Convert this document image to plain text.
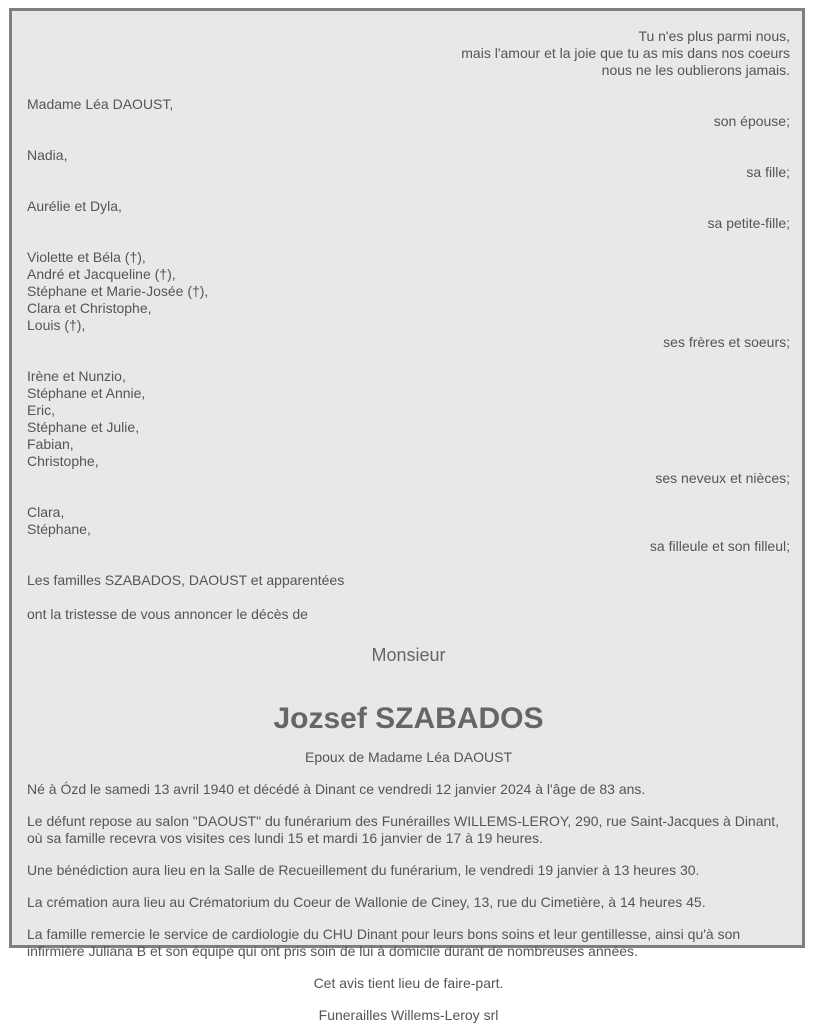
Tu n'es plus parmi nous,
mais l'amour et la joie que tu as mis dans nos coeurs
nous ne les oublierons jamais.
Madame Léa DAOUST,
son épouse;
Nadia,
sa fille;
Aurélie et Dyla,
sa petite-fille;
Violette et Béla (†),
André et Jacqueline (†),
Stéphane et Marie-Josée (†),
Clara et Christophe,
Louis (†),
ses frères et soeurs;
Irène et Nunzio,
Stéphane et Annie,
Eric,
Stéphane et Julie,
Fabian,
Christophe,
ses neveux et nièces;
Clara,
Stéphane,
sa filleule et son filleul;
Les familles SZABADOS, DAOUST et apparentées
ont la tristesse de vous annoncer le décès de
Monsieur
Jozsef SZABADOS
Epoux de Madame Léa DAOUST
Né à Ózd le samedi 13 avril 1940 et décédé à Dinant ce vendredi 12 janvier 2024 à l'âge de 83 ans.
Le défunt repose au salon "DAOUST" du funérarium des Funérailles WILLEMS-LEROY, 290, rue Saint-Jacques à Dinant, où sa famille recevra vos visites ces lundi 15 et mardi 16 janvier de 17 à 19 heures.
Une bénédiction aura lieu en la Salle de Recueillement du funérarium, le vendredi 19 janvier à 13 heures 30.
La crémation aura lieu au Crématorium du Coeur de Wallonie de Ciney, 13, rue du Cimetière, à 14 heures 45.
La famille remercie le service de cardiologie du CHU Dinant pour leurs bons soins et leur gentillesse, ainsi qu'à son infirmière Juliana B et son équipe qui ont pris soin de lui à domicile durant de nombreuses années.
Cet avis tient lieu de faire-part.
Funerailles Willems-Leroy srl
